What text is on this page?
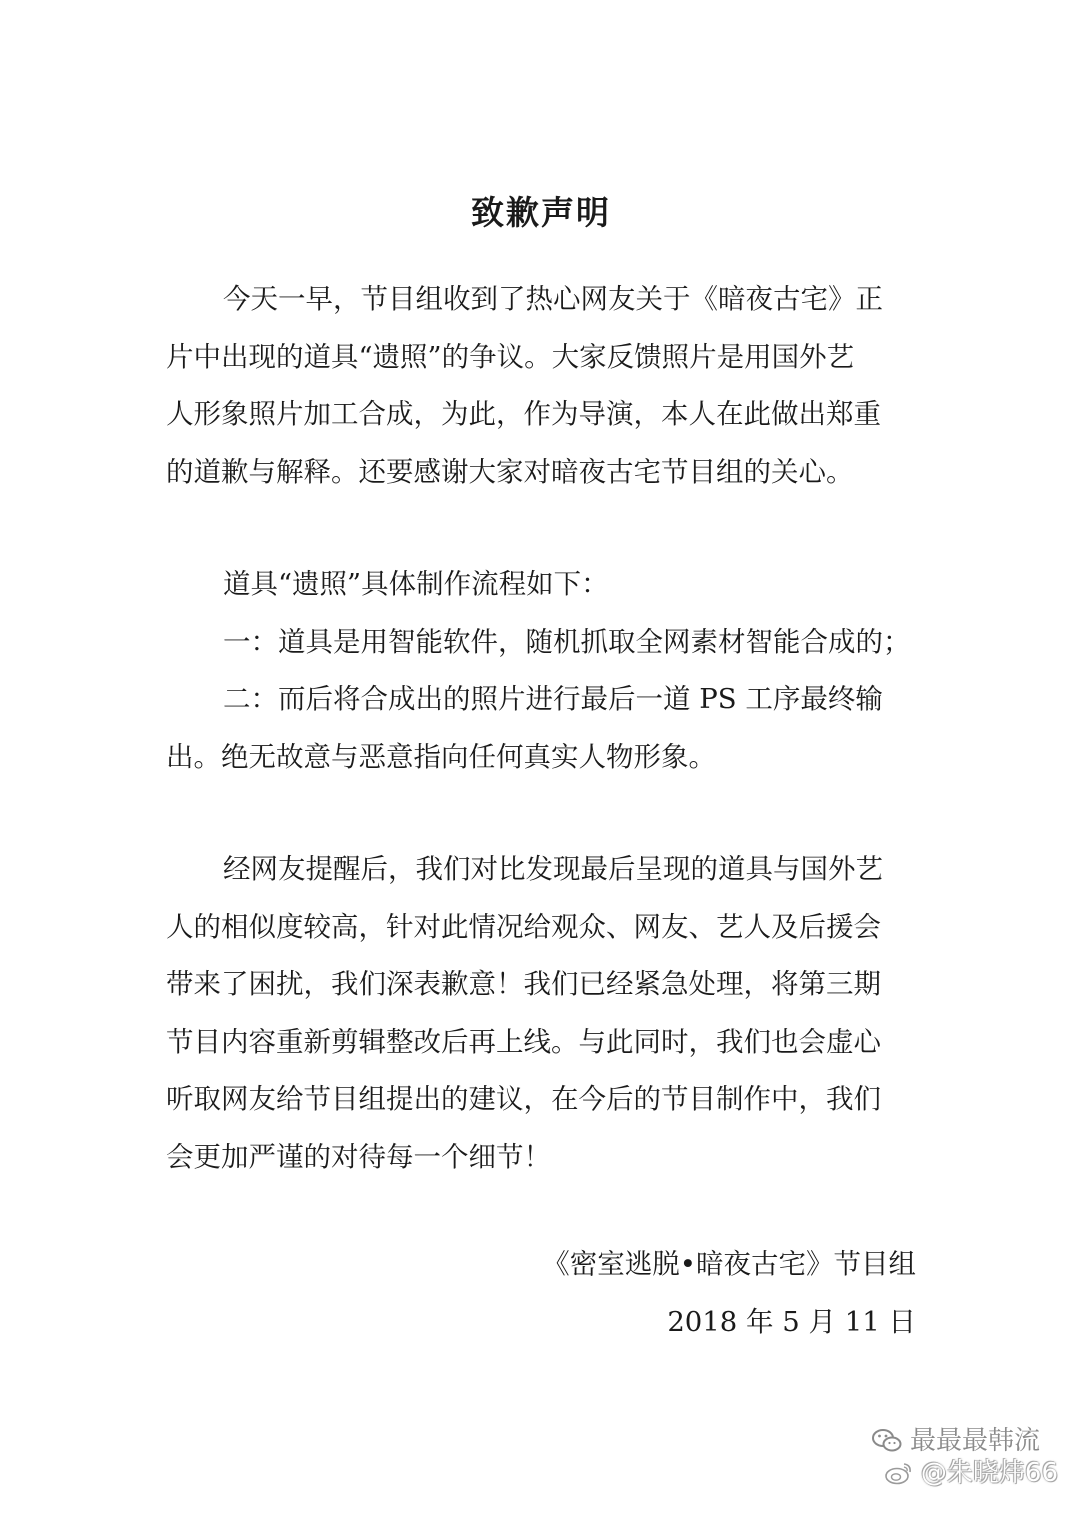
致歉声明
今天一早，节目组收到了热心网友关于《暗夜古宅》正
片中出现的道具“遗照”的争议。大家反馈照片是用国外艺
人形象照片加工合成，为此，作为导演，本人在此做出郑重
的道歉与解释。还要感谢大家对暗夜古宅节目组的关心。
道具“遗照”具体制作流程如下：
一：道具是用智能软件，随机抓取全网素材智能合成的；
二：而后将合成出的照片进行最后一道 PS 工序最终输
出。绝无故意与恶意指向任何真实人物形象。
经网友提醒后，我们对比发现最后呈现的道具与国外艺
人的相似度较高，针对此情况给观众、网友、艺人及后援会
带来了困扰，我们深表歉意！我们已经紧急处理，将第三期
节目内容重新剪辑整改后再上线。与此同时，我们也会虚心
听取网友给节目组提出的建议，在今后的节目制作中，我们
会更加严谨的对待每一个细节！
《密室逃脱•暗夜古宅》节目组
2018 年 5 月 11 日
最最最韩流
@朱晓炜66
